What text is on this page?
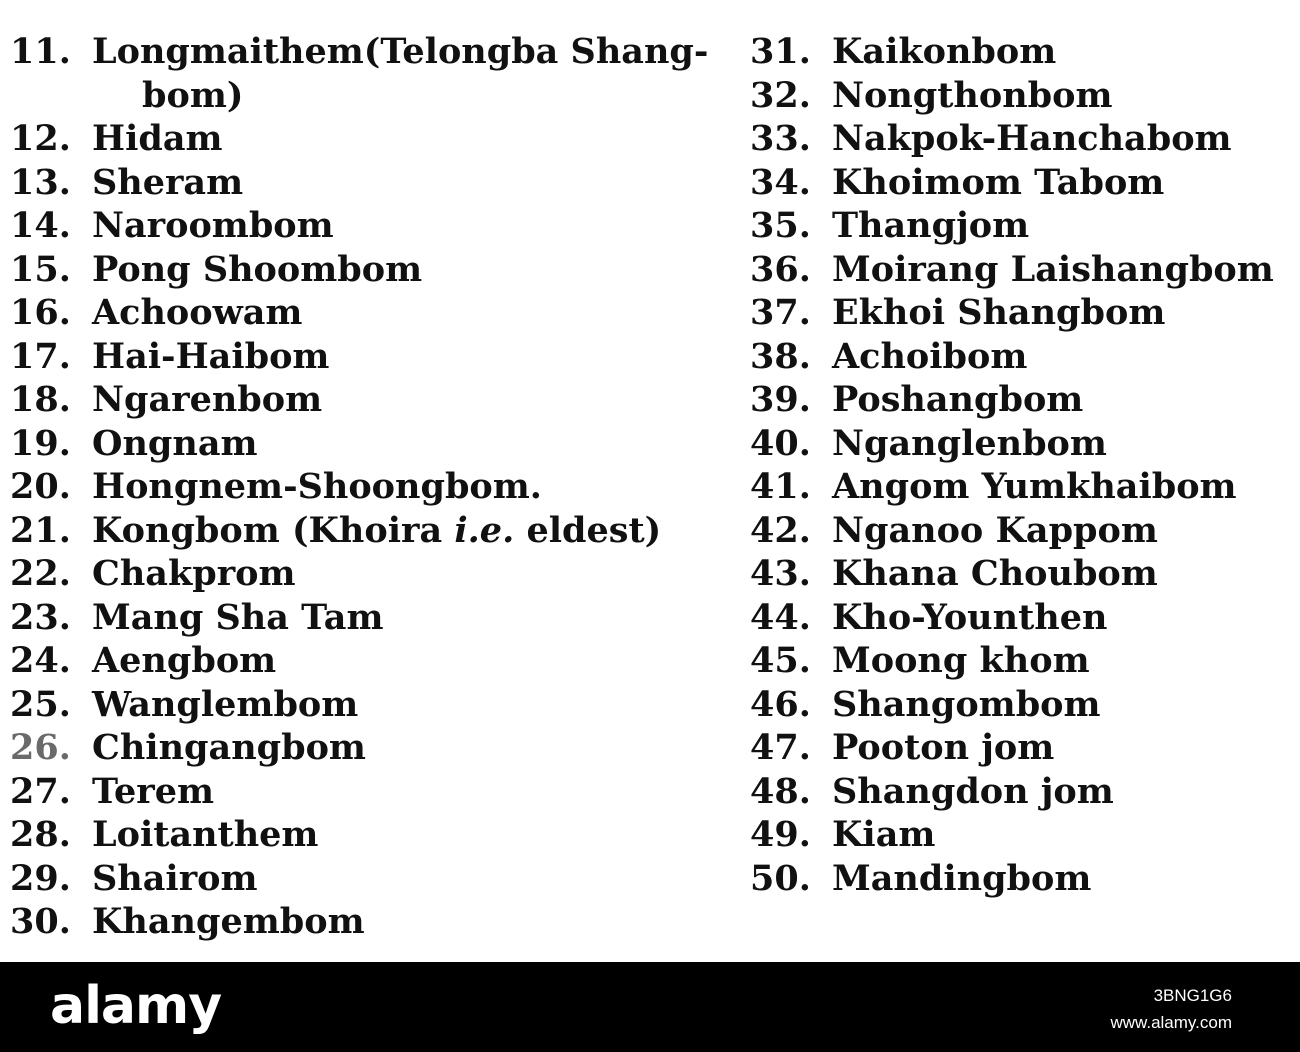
11. Longmaithem(Telongba Shang-
bom)
12. Hidam
13. Sheram
14. Naroombom
15. Pong Shoombom
16. Achoowam
17. Hai-Haibom
18. Ngarenbom
19. Ongnam
20. Hongnem-Shoongbom.
21. Kongbom (Khoira i.e. eldest)
22. Chakprom
23. Mang Sha Tam
24. Aengbom
25. Wanglembom
26. Chingangbom
27. Terem
28. Loitanthem
29. Shairom
30. Khangembom
31. Kaikonbom
32. Nongthonbom
33. Nakpok-Hanchabom
34. Khoimom Tabom
35. Thangjom
36. Moirang Laishangbom
37. Ekhoi Shangbom
38. Achoibom
39. Poshangbom
40. Nganglenbom
41. Angom Yumkhaibom
42. Nganoo Kappom
43. Khana Choubom
44. Kho-Younthen
45. Moong khom
46. Shangombom
47. Pooton jom
48. Shangdon jom
49. Kiam
50. Mandingbom
alamy	3BNG1G6
www.alamy.com
